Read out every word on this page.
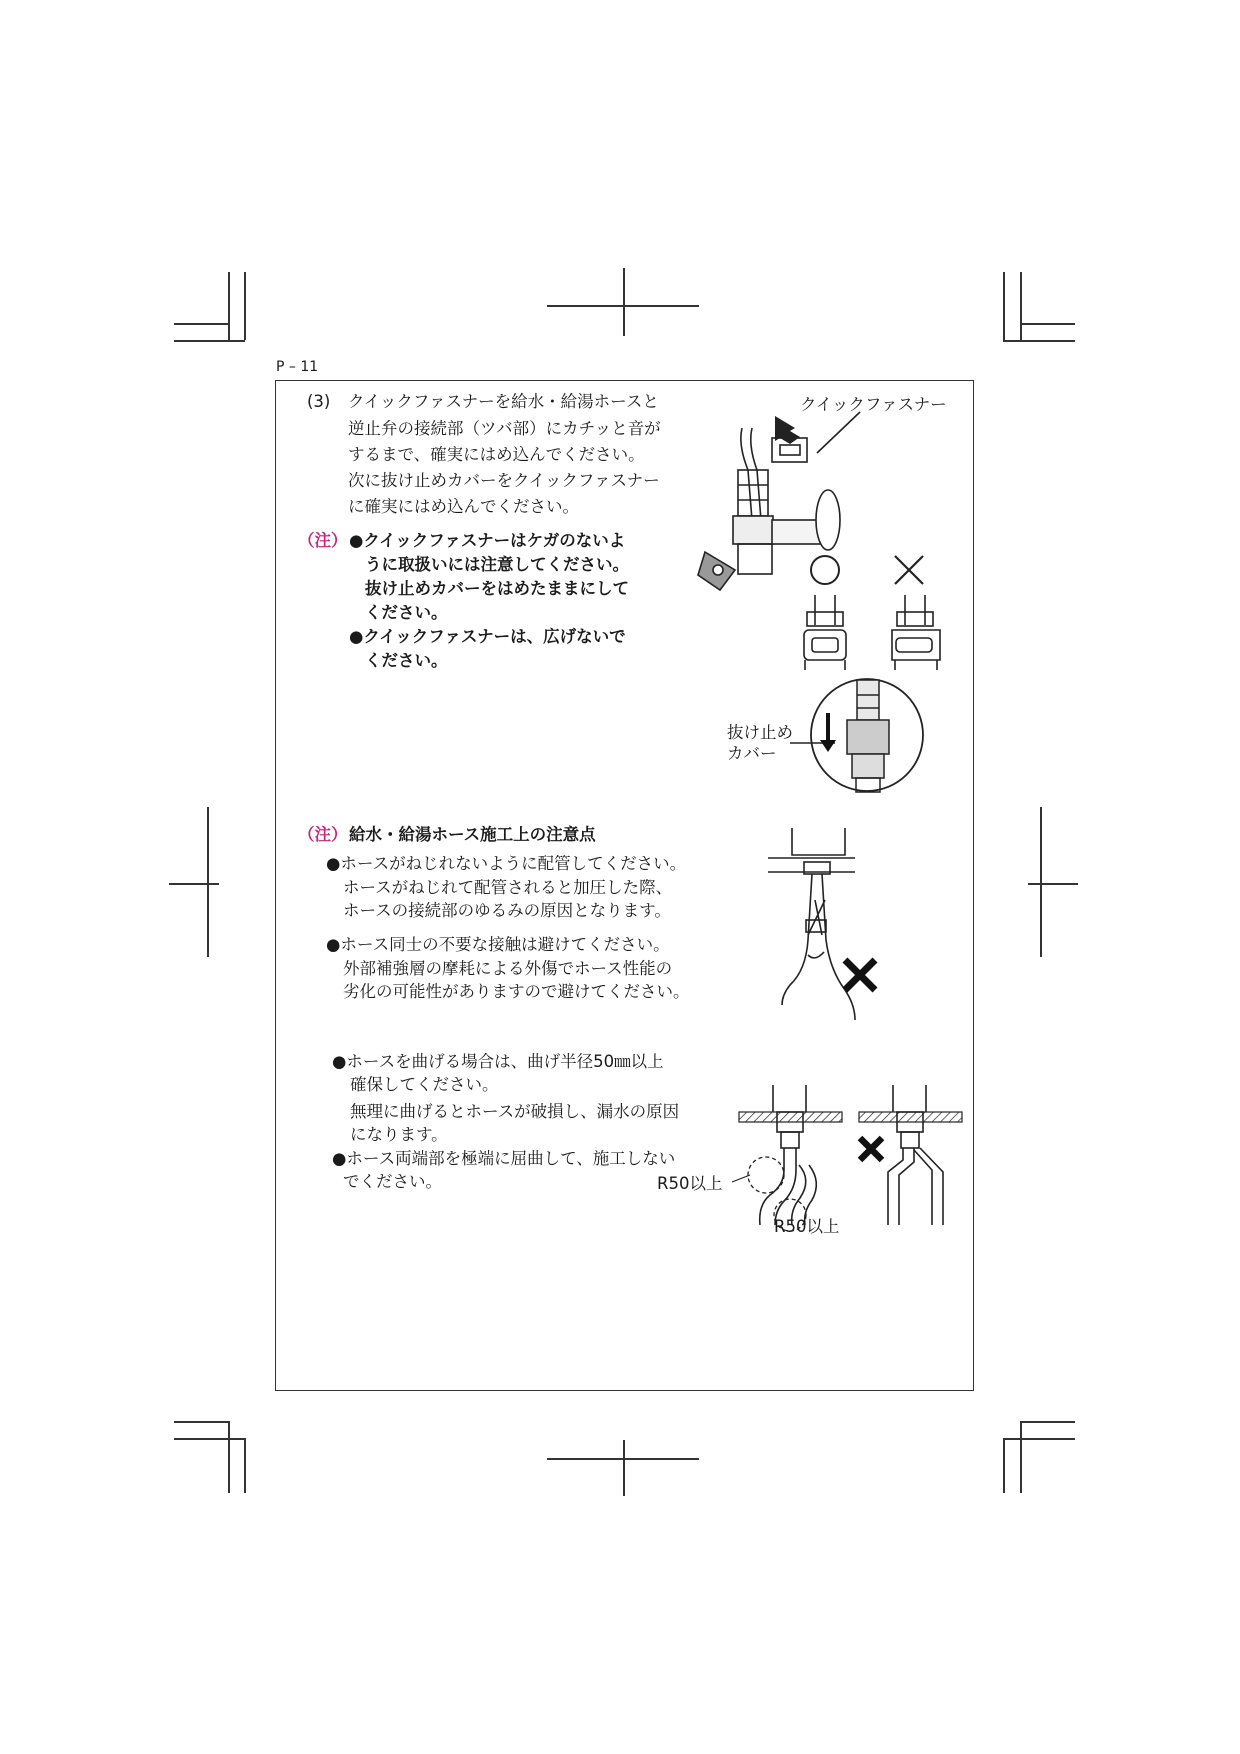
P – 11
(3) クイックファスナーを給水・給湯ホースと
逆止弁の接続部（ツバ部）にカチッと音が
するまで、確実にはめ込んでください。
次に抜け止めカバーをクイックファスナー
に確実にはめ込んでください。
（注） ●クイックファスナーはケガのないよ
うに取扱いには注意してください。
抜け止めカバーをはめたままにして
ください。
●クイックファスナーは、広げないで
ください。
クイックファスナー
抜け止め
カバー
（注） 給水・給湯ホース施工上の注意点
●ホースがねじれないように配管してください。
ホースがねじれて配管されると加圧した際、
ホースの接続部のゆるみの原因となります。
●ホース同士の不要な接触は避けてください。
外部補強層の摩耗による外傷でホース性能の
劣化の可能性がありますので避けてください。
●ホースを曲げる場合は、曲げ半径50㎜以上
確保してください。
無理に曲げるとホースが破損し、漏水の原因
になります。
●ホース両端部を極端に屈曲して、施工しない
でください。	R50以上
R50以上
